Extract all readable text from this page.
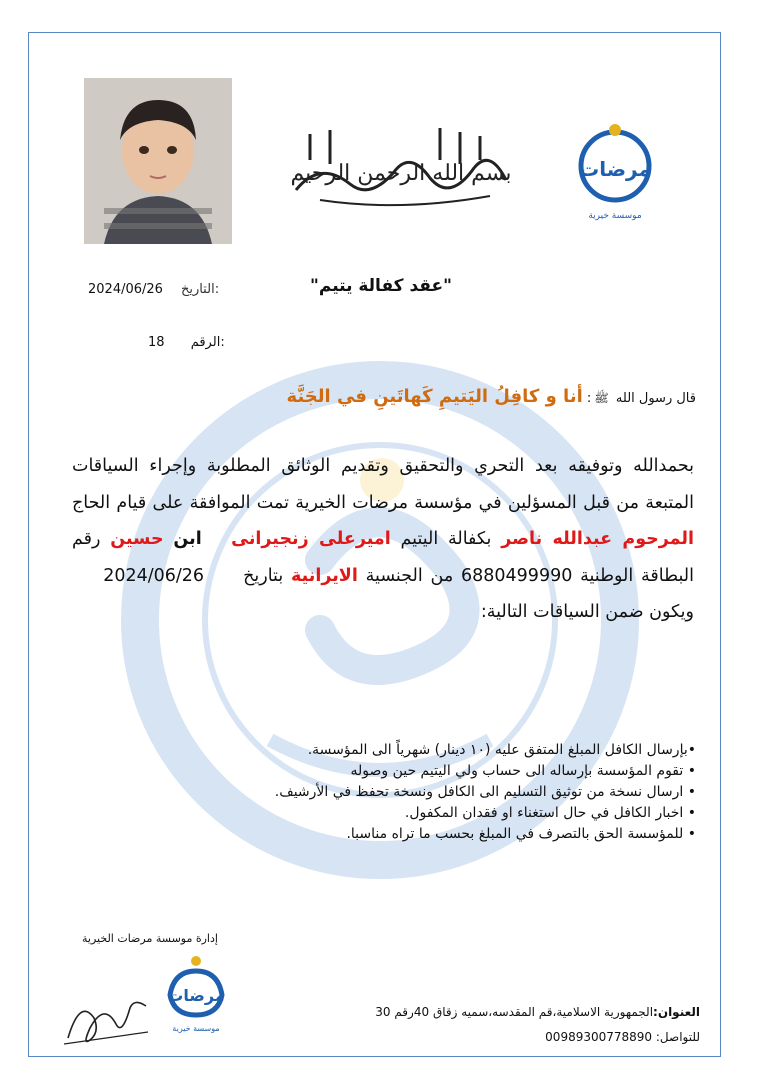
بسم الله الرحمن الرحيم	مرضات
موسسة خيرية
"عقد كفالة يتيم"
2024/06/26 التاريخ:
18 الرقم:
قال رسول الله ﷺ: أنا و كافِلُ اليَتيمِ كَهاتَينِ في الجَنَّة
بحمدالله وتوفيقه بعد التحري والتحقيق وتقديم الوثائق المطلوبة وإجراء السياقات المتبعة من قبل المسؤلين في مؤسسة مرضات الخيرية تمت الموافقة على قيام الحاج المرحوم عبدالله ناصر بكفالة اليتيم اميرعلى زنجيرانى   ابن حسين رقم البطاقة الوطنية 6880499990 من الجنسية الايرانية بتاريخ     2024/06/26     ويكون ضمن السياقات التالية:
•بإرسال الكافل المبلغ المتفق عليه (١٠ دينار) شهرياً الى المؤسسة.
• تقوم المؤسسة بإرساله الى حساب ولي اليتيم حين وصوله
• ارسال نسخة من توثيق التسليم الى الكافل ونسخة تحفظ في الأرشيف.
• اخبار الكافل في حال استغناء او فقدان المكفول.
• للمؤسسة الحق بالتصرف في المبلغ بحسب ما تراه مناسبا.
إدارة موسسة مرضات الخيرية
مرضات
موسسة خيرية
العنوان:الجمهورية الاسلامية،قم المقدسه،سميه زقاق 40رقم 30
للتواصل: 00989300778890
